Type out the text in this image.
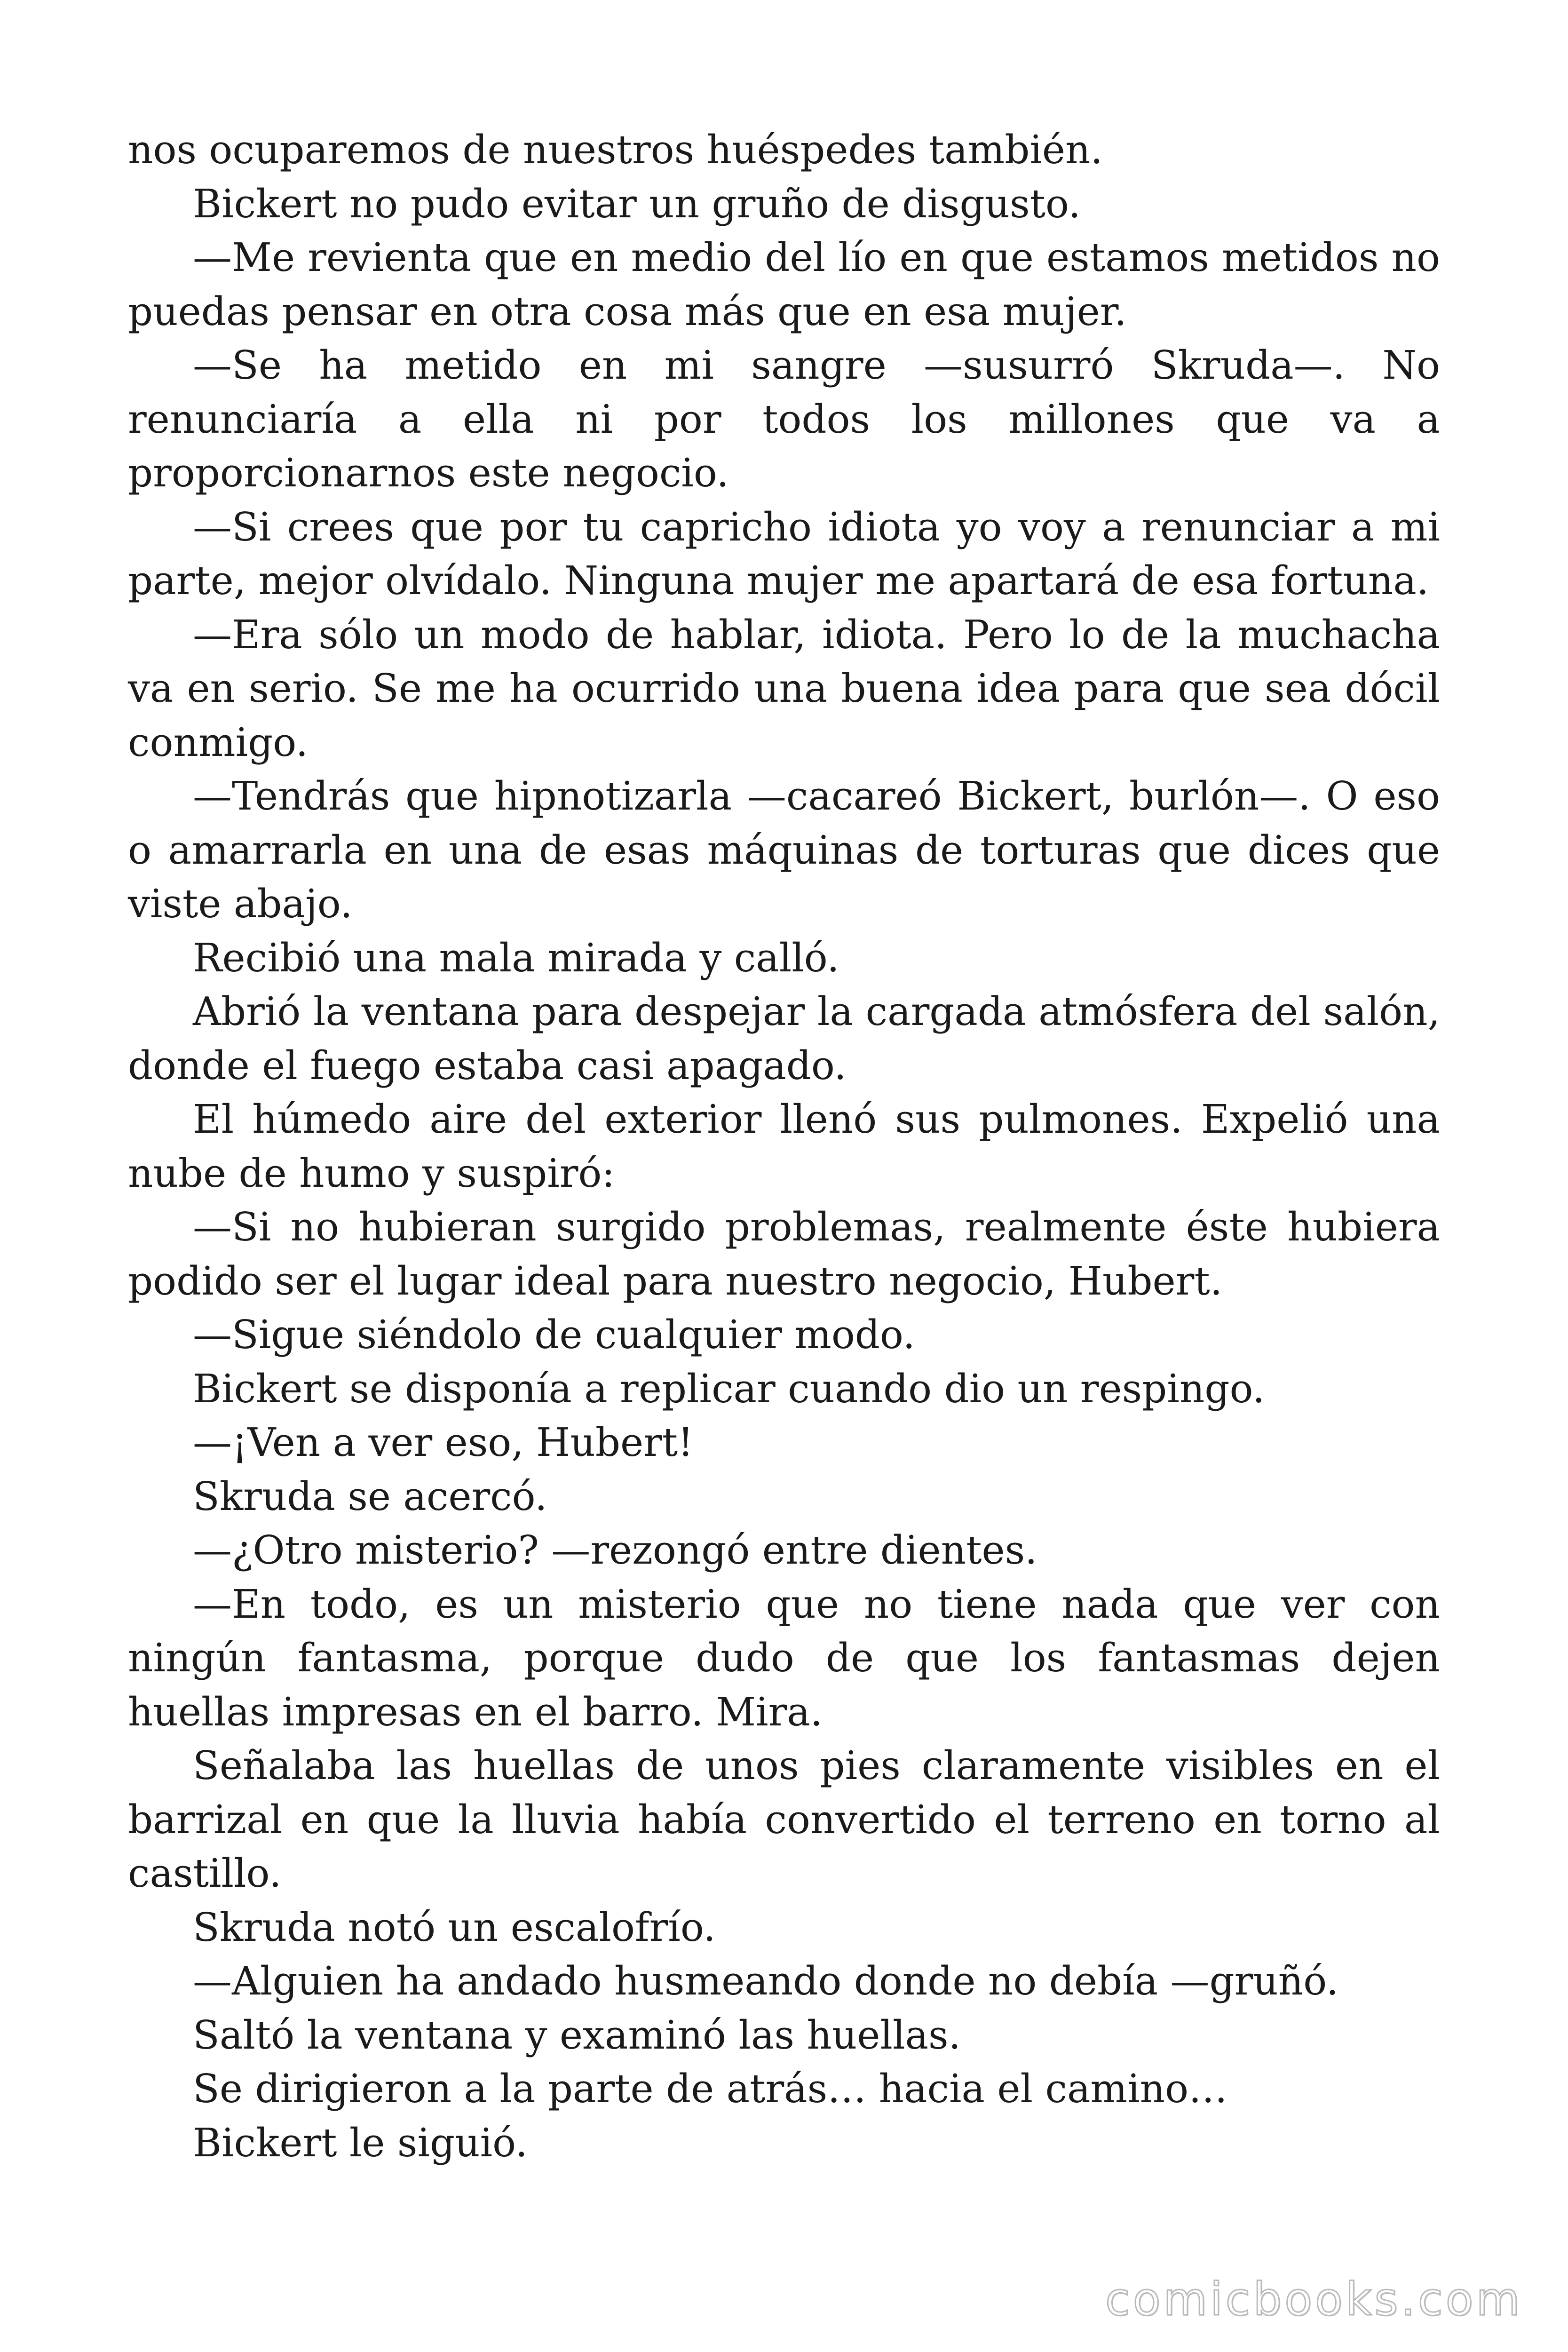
nos ocuparemos de nuestros huéspedes también.

Bickert no pudo evitar un gruño de disgusto.

—Me revienta que en medio del lío en que estamos metidos no puedas pensar en otra cosa más que en esa mujer.

—Se ha metido en mi sangre —susurró Skruda—. No renunciaría a ella ni por todos los millones que va a proporcionarnos este negocio.

—Si crees que por tu capricho idiota yo voy a renunciar a mi parte, mejor olvídalo. Ninguna mujer me apartará de esa fortuna.

—Era sólo un modo de hablar, idiota. Pero lo de la muchacha va en serio. Se me ha ocurrido una buena idea para que sea dócil conmigo.

—Tendrás que hipnotizarla —cacareó Bickert, burlón—. O eso o amarrarla en una de esas máquinas de torturas que dices que viste abajo.

Recibió una mala mirada y calló.

Abrió la ventana para despejar la cargada atmósfera del salón, donde el fuego estaba casi apagado.

El húmedo aire del exterior llenó sus pulmones. Expelió una nube de humo y suspiró:

—Si no hubieran surgido problemas, realmente éste hubiera podido ser el lugar ideal para nuestro negocio, Hubert.

—Sigue siéndolo de cualquier modo.

Bickert se disponía a replicar cuando dio un respingo.

—¡Ven a ver eso, Hubert!

Skruda se acercó.

—¿Otro misterio? —rezongó entre dientes.

—En todo, es un misterio que no tiene nada que ver con ningún fantasma, porque dudo de que los fantasmas dejen huellas impresas en el barro. Mira.

Señalaba las huellas de unos pies claramente visibles en el barrizal en que la lluvia había convertido el terreno en torno al castillo.

Skruda notó un escalofrío.

—Alguien ha andado husmeando donde no debía —gruñó.

Saltó la ventana y examinó las huellas.

Se dirigieron a la parte de atrás… hacia el camino…

Bickert le siguió.

comicbooks.com
